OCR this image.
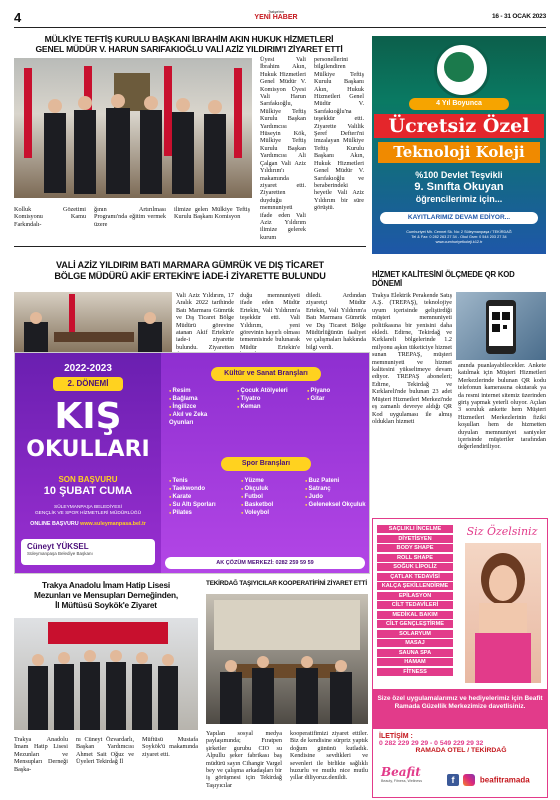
4	Trakya'nın
YENİ HABER	16 - 31 OCAK 2023
MÜLKİYE TEFTİŞ KURULU BAŞKANI İBRAHİM AKIN HUKUK HİZMETLERİ
GENEL MÜDÜR V. HARUN SARIFAKIOĞLU VALİ AZİZ YILDIRIM'I ZİYARET ETTİ
Kolluk Gözetimi Komisyonu Kamu Farkındalı-
ğının Artırılması Programı'nda eğitim vermek üzere
ilimize gelen Mülkiye Teftiş Kurulu Başkanı Komisyon
Üyesi Vali İbrahim Akın, Hukuk Hizmetleri Genel Müdür V. Komisyon Üyesi Vali Harun Sarıfakıoğlu, Mülkiye Teftiş Kurulu Başkan Yardımcısı Hüseyin Kök, Mülkiye Teftiş Kurulu Başkan Yardımcısı Ali Çalgan Vali Aziz Yıldırım'ı makamında ziyaret etti. Ziyaretten duyduğu memnuniyeti ifade eden Vali Aziz Yıldırım ilimize gelerek kurum
personellerini bilgilendiren Mülkiye Teftiş Kurulu Başkanı Akın, Hukuk Hizmetleri Genel Müdür V. Sarıfakıoğlu'na teşekkür etti. Ziyarette Valilik Şeref Defteri'ni imzalayan Mülkiye Teftiş Kurulu Başkanı Akın, Hukuk Hizmetleri Genel Müdür V. Sarıfakıoğlu ve beraberindeki heyetle Vali Aziz Yıldırım bir süre görüştü.
4 Yıl Boyunca
Ücretsiz Özel
Teknoloji Koleji
%100 Devlet Teşvikli
9. Sınıfta Okuyan
öğrencilerimiz için...
KAYITLARIMIZ DEVAM EDİYOR...
Cumhuriyet Mh. Cennet Sk. No: 2 Süleymanpaşa / TEKİRDAĞ
Tel & Fax: 0 282 263 27 34 - Okul Gsm: 0 544 203 27 34
www.cumhuriyetkoleji.k12.tr
VALİ AZİZ YILDIRIM BATI MARMARA GÜMRÜK VE DIŞ TİCARET
BÖLGE MÜDÜRÜ AKİF ERTEKİN'E İADE-İ ZİYARETTE BULUNDU
Vali Aziz Yıldırım, 17 Aralık 2022 tarihinde Batı Marmara Gümrük ve Dış Ticaret Bölge Müdürü görevine atanan Akif Ertekin'e iade-i ziyarette bulundu. Ziyaretten
duğu memnuniyeti ifade eden Müdür Ertekin, Vali Yıldırım'a teşekkür etti. Vali Yıldırım, yeni görevinin hayırlı olması temennisinde bulunarak Müdür Ertekin'e
diledi. Ardından ziyaretçi Müdür Ertekin, Vali Yıldırım'a Batı Marmara Gümrük ve Dış Ticaret Bölge Müdürlüğünün faaliyet ve çalışmaları hakkında bilgi verdi.
HİZMET KALİTESİNİ ÖLÇMEDE QR KOD DÖNEMİ
Trakya Elektrik Perakende Satış A.Ş. (TREPAŞ), teknolojiye uyum içerisinde geliştirdiği müşteri memnuniyeti politikasına bir yenisini daha ekledi. Edirne, Tekirdağ ve Kırklareli bölgelerinde 1.2 milyonu aşkın tüketiciye hizmet sunan TREPAŞ, müşteri memnuniyeti ve hizmet kalitesini yükseltmeye devam ediyor. TREPAŞ aboneleri; Edirne, Tekirdağ ve Kırklareli'nde bulunan 23 adet Müşteri Hizmetleri Merkezi'nde eş zamanlı devreye aldığı QR Kod uygulaması ile almış oldukları hizmeti
anında puanlayabilecekler. Ankete katılmak için Müşteri Hizmetleri Merkezlerinde bulunan QR kodu telefonun kamerasına okutarak ya da resmi internet sitemiz üzerinden giriş yapmak yeterli oluyor. Açılan 3 soruluk ankette hem Müşteri Hizmetleri Merkezlerinin fiziki koşulları hem de hizmetten duyulan memnuniyet saniyeler içerisinde müşteriler tarafından değerlendiriliyor.
2022-2023
2. DÖNEMİ
KIŞ
OKULLARI
SON BAŞVURU
10 ŞUBAT CUMA
SÜLEYMANPAŞA BELEDİYESİ
GENÇLİK VE SPOR HİZMETLERİ MÜDÜRLÜĞÜ
ONLINE BAŞVURU www.suleymanpasa.bel.tr
Cüneyt YÜKSEL
Süleymanpaşa Belediye Başkanı
Kültür ve Sanat Branşları
● Resim
● Bağlama
● İngilizce
● Akıl ve Zeka Oyunları
● Çocuk Atölyeleri
● Tiyatro
● Keman
● Piyano
● Gitar
Spor Branşları
● Tenis
● Taekwondo
● Karate
● Su Altı Sporları
● Pilates
● Yüzme
● Okçuluk
● Futbol
● Basketbol
● Voleybol
● Buz Pateni
● Satranç
● Judo
● Geleneksel Okçuluk
AK ÇÖZÜM MERKEZİ: 0282 259 59 59
SAÇLIKLI İNCELME
DİYETİSYEN
BODY SHAPE
ROLL SHAPE
SOĞUK LİPOLİZ
ÇATLAK TEDAVİSİ
KALÇA ŞEKİLLENDİRME
EPİLASYON
CİLT TEDAVİLERİ
MEDİKAL BAKIM
CİLT GENÇLEŞTİRME
SOLARYUM
MASAJ
SAUNA SPA
HAMAM
FİTNESS
Siz Özelsiniz
Size özel uygulamalarımız ve hediyelerimiz için Beafit Ramada Güzellik Merkezimize davetlisiniz.
İLETİŞİM :
0 282 229 29 29 - 0 549 229 29 32
RAMADA OTEL / TEKİRDAĞ
Beafit
Beauty, Fitness, Wellness	f	beafitramada
Trakya Anadolu İmam Hatip Lisesi
Mezunları ve Mensupları Derneğinden,
İl Müftüsü Soykök'e Ziyaret
Trakya Anadolu İmam Hatip Lisesi Mezunları ve Mensupları Derneği Başka-
nı Cüneyt Özvardarlı, Başkan Yardımcısı Ahmet Sait Oğuz ve Üyeleri Tekirdağ İl
Müftüsü Mustafa Soykök'ü makamında ziyaret etti.
TEKİRDAĞ TAŞIYICILAR KOOPERATİFİNİ ZİYARET ETTİ
Yapılan sosyal medya paylaşımında; Fıratpen şirketler gurubu CIO su Alpullu şeker fabrikası baş müdürü sayın Cihangir Vargel bey ve çalışma arkadaşları bir iş görüşmesi için Tekirdağ Taşıyıcılar
kooperatifimizi ziyaret ettiler. Biz de kendisine sürpriz yaptık doğum gününü kutladık. Kendisine sevdikleri ve sevenleri ile birlikte sağlıklı huzurlu ve mutlu nice mutlu yıllar diliyoruz.denildi.
